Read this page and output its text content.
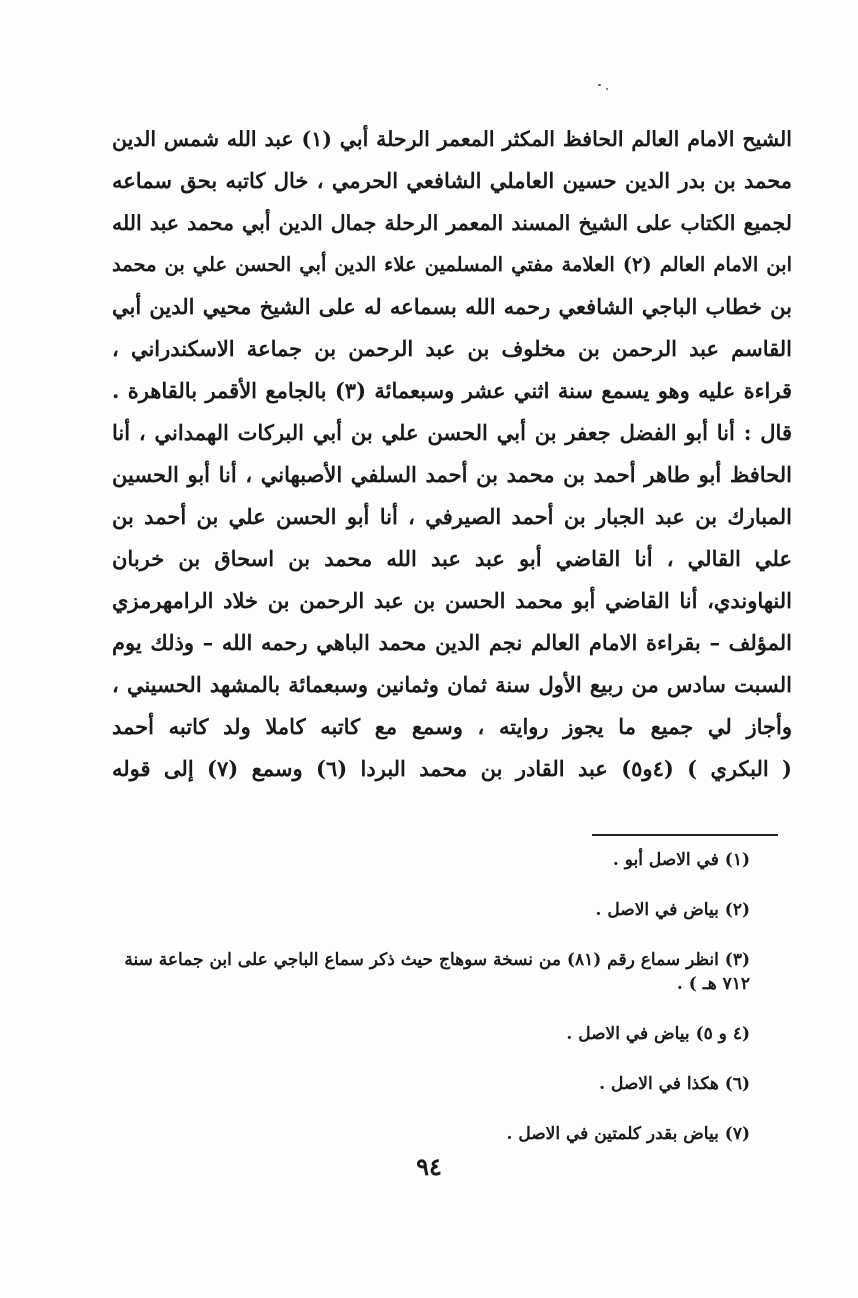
الشيح الامام العالم الحافظ المكثر المعمر الرحلة أبي (١) عبد الله شمس الدين
محمد بن بدر الدين حسين العاملي الشافعي الحرمي ، خال كاتبه بحق سماعه
لجميع الكتاب على الشيخ المسند المعمر الرحلة جمال الدين أبي محمد عبد الله
ابن الامام العالم (٢) العلامة مفتي المسلمين علاء الدين أبي الحسن علي بن محمد
بن خطاب الباجي الشافعي رحمه الله بسماعه له على الشيخ محيي الدين أبي
القاسم عبد الرحمن بن مخلوف بن عبد الرحمن بن جماعة الاسكندراني ،
قراءة عليه وهو يسمع سنة اثني عشر وسبعمائة (٣) بالجامع الأقمر بالقاهرة .
قال : أنا أبو الفضل جعفر بن أبي الحسن علي بن أبي البركات الهمداني ، أنا
الحافظ أبو طاهر أحمد بن محمد بن أحمد السلفي الأصبهاني ، أنا أبو الحسين
المبارك بن عبد الجبار بن أحمد الصيرفي ، أنا أبو الحسن علي بن أحمد بن
علي القالي ، أنا القاضي أبو عبد عبد الله محمد بن اسحاق بن خربان
النهاوندي، أنا القاضي أبو محمد الحسن بن عبد الرحمن بن خلاد الرامهرمزي
المؤلف – بقراءة الامام العالم نجم الدين محمد الباهي رحمه الله – وذلك يوم
السبت سادس من ربيع الأول سنة ثمان وثمانين وسبعمائة بالمشهد الحسيني ،
وأجاز لي جميع ما يجوز روايته ، وسمع مع كاتبه كاملا ولد كاتبه أحمد
( البكري ) (٤و٥) عبد القادر بن محمد البردا (٦) وسمع (٧) إلى قوله
(١) في الاصل أبو .
(٢) بياض في الاصل .
(٣) انظر سماع رقم (٨١) من نسخة سوهاج حيث ذكر سماع الباجي على ابن جماعة سنة
٧١٢ هـ ) .
(٤ و ٥) بياض في الاصل .
(٦) هكذا في الاصل .
(٧) بياض بقدر كلمتين في الاصل .
٩٤
